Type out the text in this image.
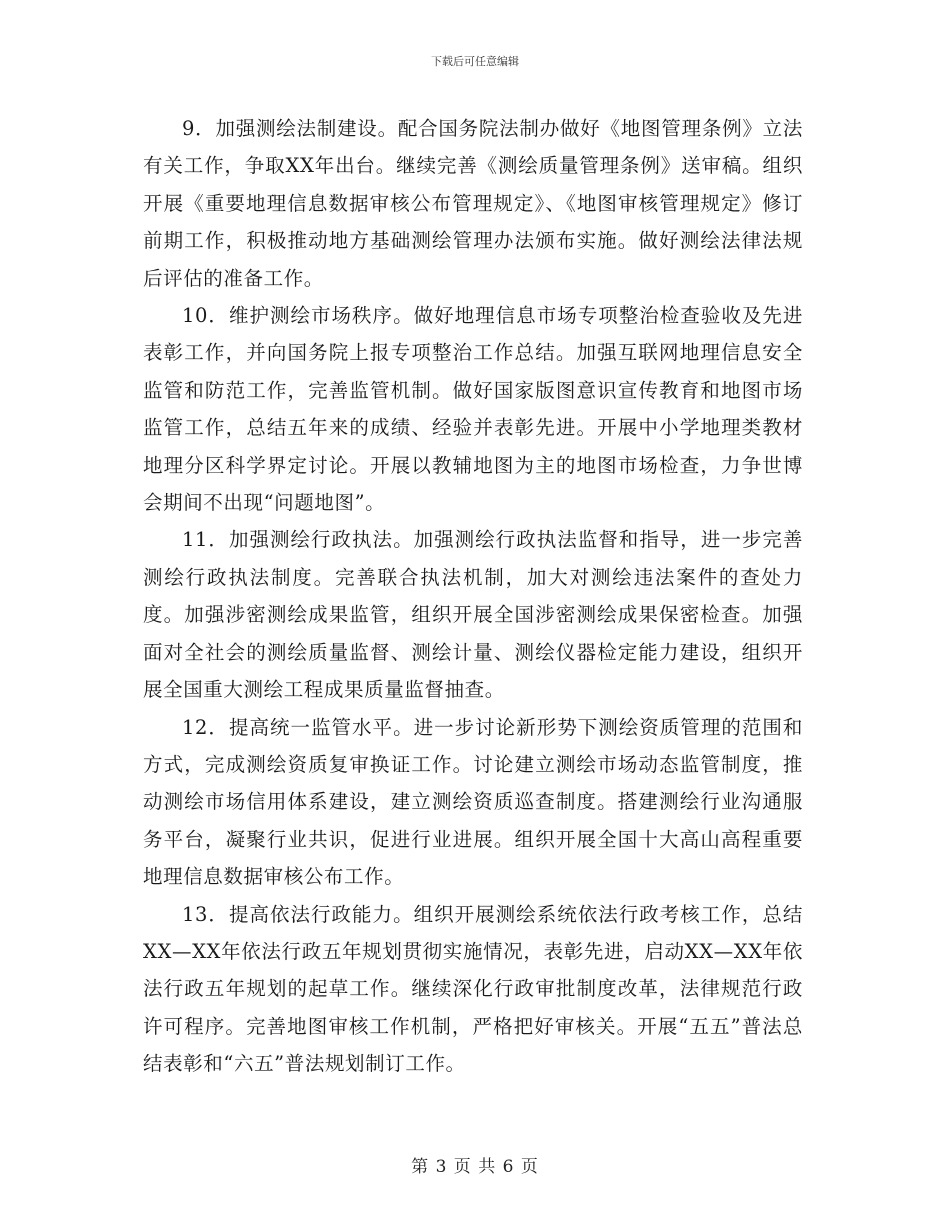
下载后可任意编辑

9．加强测绘法制建设。配合国务院法制办做好《地图管理条例》立法有关工作，争取XX年出台。继续完善《测绘质量管理条例》送审稿。组织开展《重要地理信息数据审核公布管理规定》、《地图审核管理规定》修订前期工作，积极推动地方基础测绘管理办法颁布实施。做好测绘法律法规后评估的准备工作。

10．维护测绘市场秩序。做好地理信息市场专项整治检查验收及先进表彰工作，并向国务院上报专项整治工作总结。加强互联网地理信息安全监管和防范工作，完善监管机制。做好国家版图意识宣传教育和地图市场监管工作，总结五年来的成绩、经验并表彰先进。开展中小学地理类教材地理分区科学界定讨论。开展以教辅地图为主的地图市场检查，力争世博会期间不出现“问题地图”。

11．加强测绘行政执法。加强测绘行政执法监督和指导，进一步完善测绘行政执法制度。完善联合执法机制，加大对测绘违法案件的查处力度。加强涉密测绘成果监管，组织开展全国涉密测绘成果保密检查。加强面对全社会的测绘质量监督、测绘计量、测绘仪器检定能力建设，组织开展全国重大测绘工程成果质量监督抽查。

12．提高统一监管水平。进一步讨论新形势下测绘资质管理的范围和方式，完成测绘资质复审换证工作。讨论建立测绘市场动态监管制度，推动测绘市场信用体系建设，建立测绘资质巡查制度。搭建测绘行业沟通服务平台，凝聚行业共识，促进行业进展。组织开展全国十大高山高程重要地理信息数据审核公布工作。

13．提高依法行政能力。组织开展测绘系统依法行政考核工作，总结XX—XX年依法行政五年规划贯彻实施情况，表彰先进，启动XX—XX年依法行政五年规划的起草工作。继续深化行政审批制度改革，法律规范行政许可程序。完善地图审核工作机制，严格把好审核关。开展“五五”普法总结表彰和“六五”普法规划制订工作。

第 3 页 共 6 页
